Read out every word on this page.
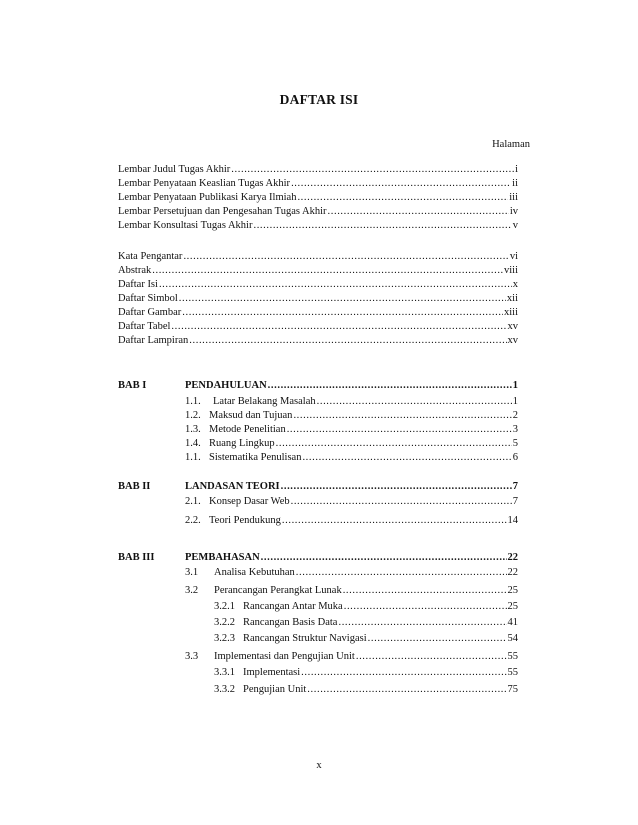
DAFTAR ISI
Halaman
Lembar Judul Tugas Akhir .....	i
Lembar Penyataan Keaslian Tugas Akhir .....	ii
Lembar Penyataan Publikasi Karya Ilmiah .....	iii
Lembar Persetujuan dan Pengesahan Tugas Akhir .....	iv
Lembar Konsultasi Tugas Akhir .....	v
Kata Pengantar .....	vi
Abstrak .....	viii
Daftar Isi .....	x
Daftar Simbol .....	xii
Daftar Gambar .....	xiii
Daftar Tabel .....	xv
Daftar Lampiran .....	xv
BAB I	PENDAHULUAN .....	1
1.1.	Latar Belakang Masalah .....	1
1.2. Maksud dan Tujuan .....	2
1.3. Metode Penelitian .....	3
1.4. Ruang Lingkup .....	5
1.1. Sistematika Penulisan .....	6
BAB II	LANDASAN TEORI .....	7
2.1. Konsep Dasar Web .....	7
2.2. Teori Pendukung .....	14
BAB III	PEMBAHASAN .....	22
3.1	Analisa Kebutuhan .....	22
3.2	Perancangan Perangkat Lunak .....	25
3.2.1 Rancangan Antar Muka .....	25
3.2.2 Rancangan Basis Data .....	41
3.2.3 Rancangan Struktur Navigasi .....	54
3.3	Implementasi dan Pengujian Unit .....	55
3.3.1 Implementasi .....	55
3.3.2 Pengujian Unit .....	75
x
